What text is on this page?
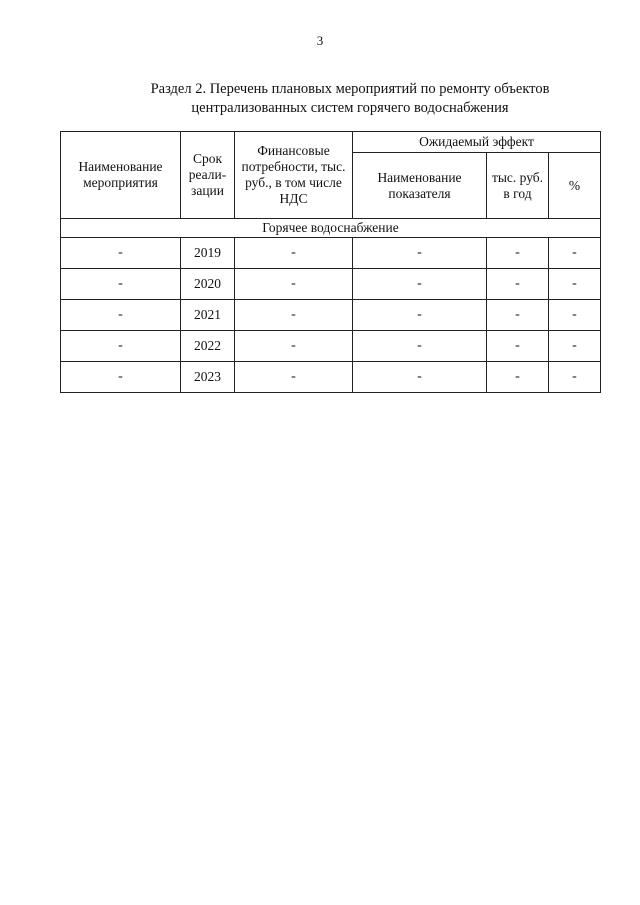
3
Раздел 2. Перечень плановых мероприятий по ремонту объектов
централизованных систем горячего водоснабжения
Наименование мероприятия	Срок реали-зации	Финансовые потребности, тыс. руб., в том числе НДС	Ожидаемый эффект		
			Наименование показателя	тыс. руб. в год	%
Горячее водоснабжение					
-	2019	-	-	-	-
-	2020	-	-	-	-
-	2021	-	-	-	-
-	2022	-	-	-	-
-	2023	-	-	-	-
